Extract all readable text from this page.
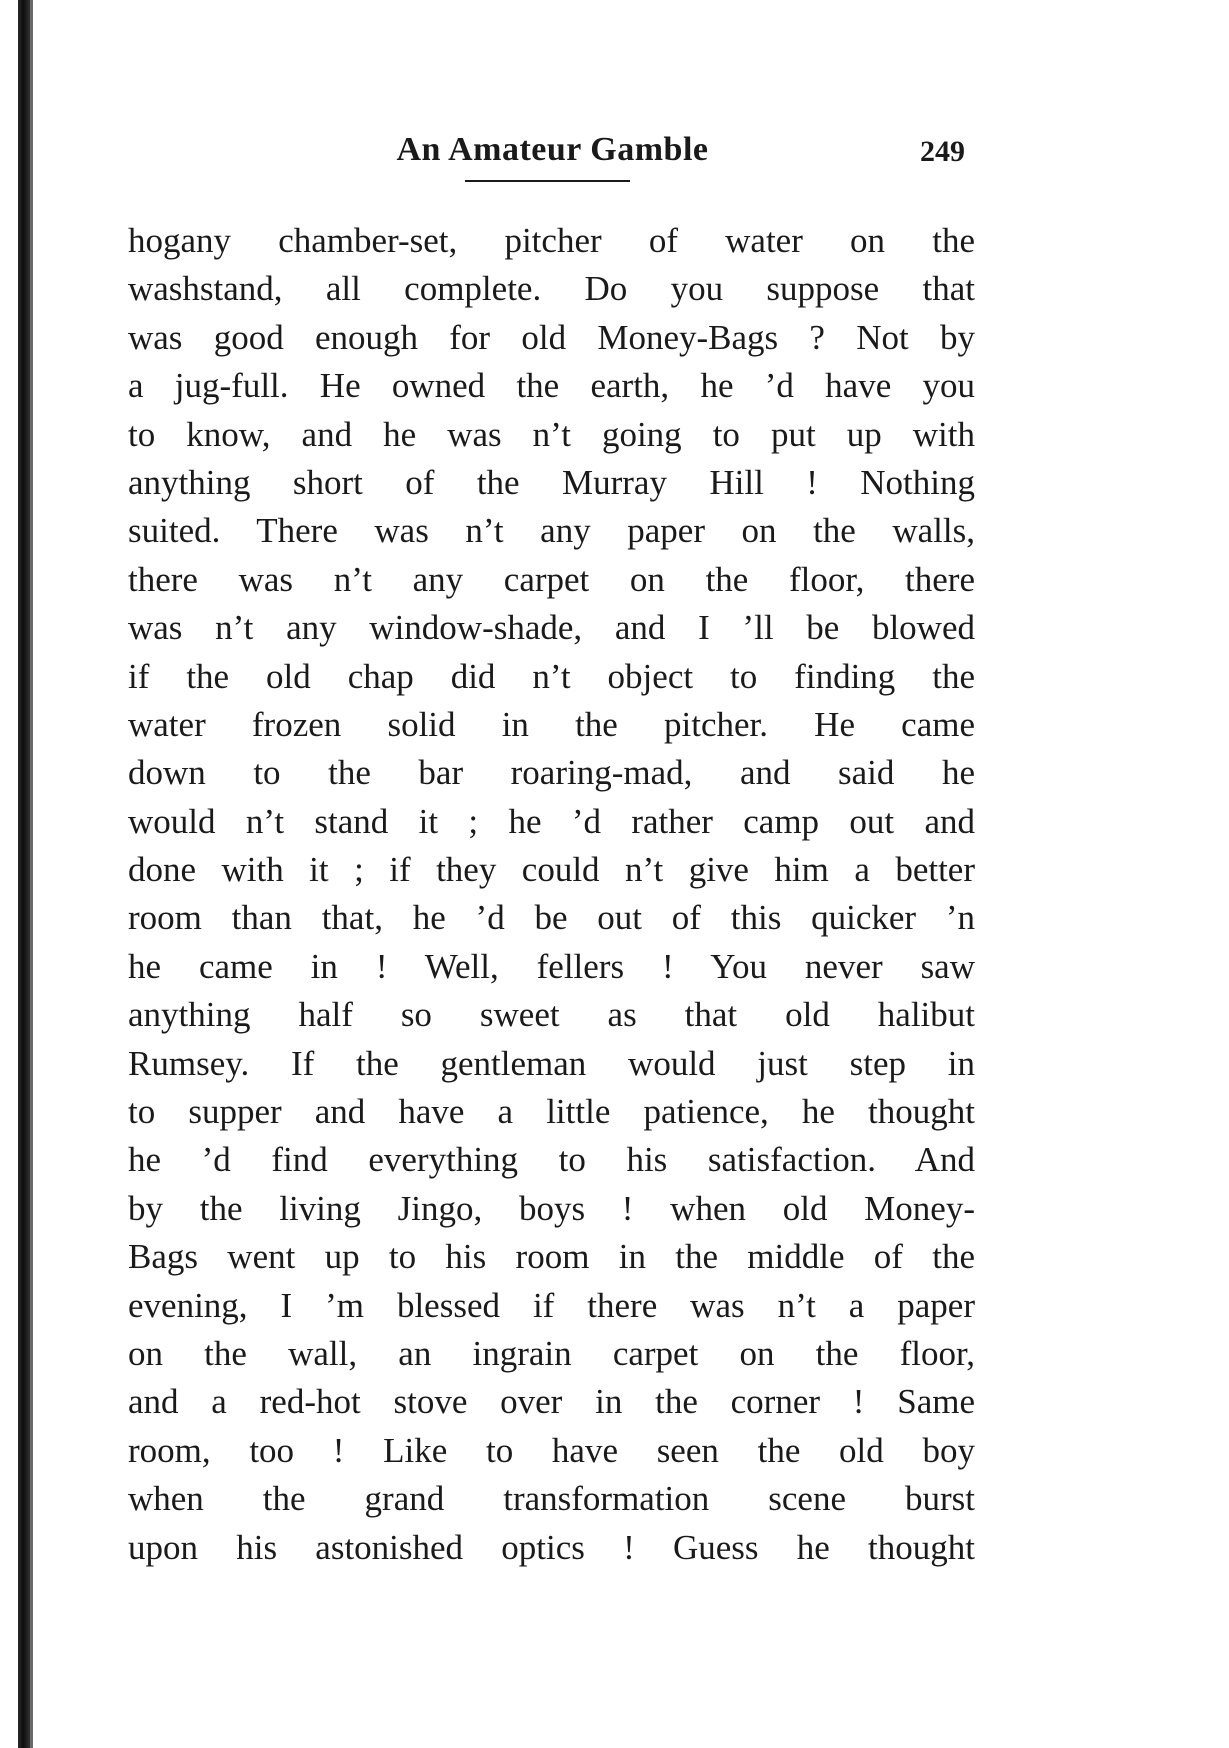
An Amateur Gamble	249
hogany chamber-set, pitcher of water on the
washstand, all complete. Do you suppose that
was good enough for old Money-Bags ? Not by
a jug-full. He owned the earth, he ’d have you
to know, and he was n’t going to put up with
anything short of the Murray Hill ! Nothing
suited. There was n’t any paper on the walls,
there was n’t any carpet on the floor, there
was n’t any window-shade, and I ’ll be blowed
if the old chap did n’t object to finding the
water frozen solid in the pitcher. He came
down to the bar roaring-mad, and said he
would n’t stand it ; he ’d rather camp out and
done with it ; if they could n’t give him a better
room than that, he ’d be out of this quicker ’n
he came in ! Well, fellers ! You never saw
anything half so sweet as that old halibut
Rumsey. If the gentleman would just step in
to supper and have a little patience, he thought
he ’d find everything to his satisfaction. And
by the living Jingo, boys ! when old Money-
Bags went up to his room in the middle of the
evening, I ’m blessed if there was n’t a paper
on the wall, an ingrain carpet on the floor,
and a red-hot stove over in the corner ! Same
room, too ! Like to have seen the old boy
when the grand transformation scene burst
upon his astonished optics ! Guess he thought
